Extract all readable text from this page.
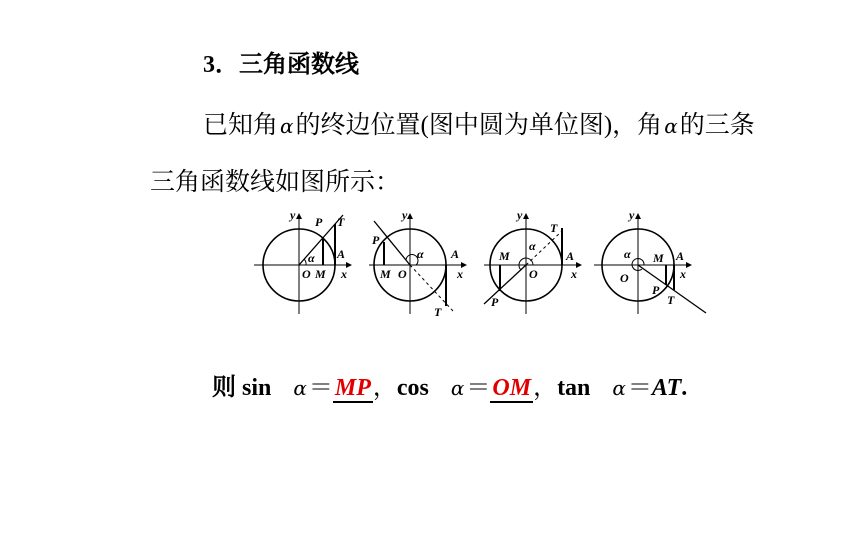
3．三角函数线
已知角 α的终边位置(图中圆为单位图)，角 α的三条
三角函数线如图所示：
y P T
α A
O M x
y
P
α A
M O	x
T
y
T
α
M	A
O	x
P
y
α M A
O	x
P
T
则 sin α＝MP，cos α＝OM，tan α＝AT.
